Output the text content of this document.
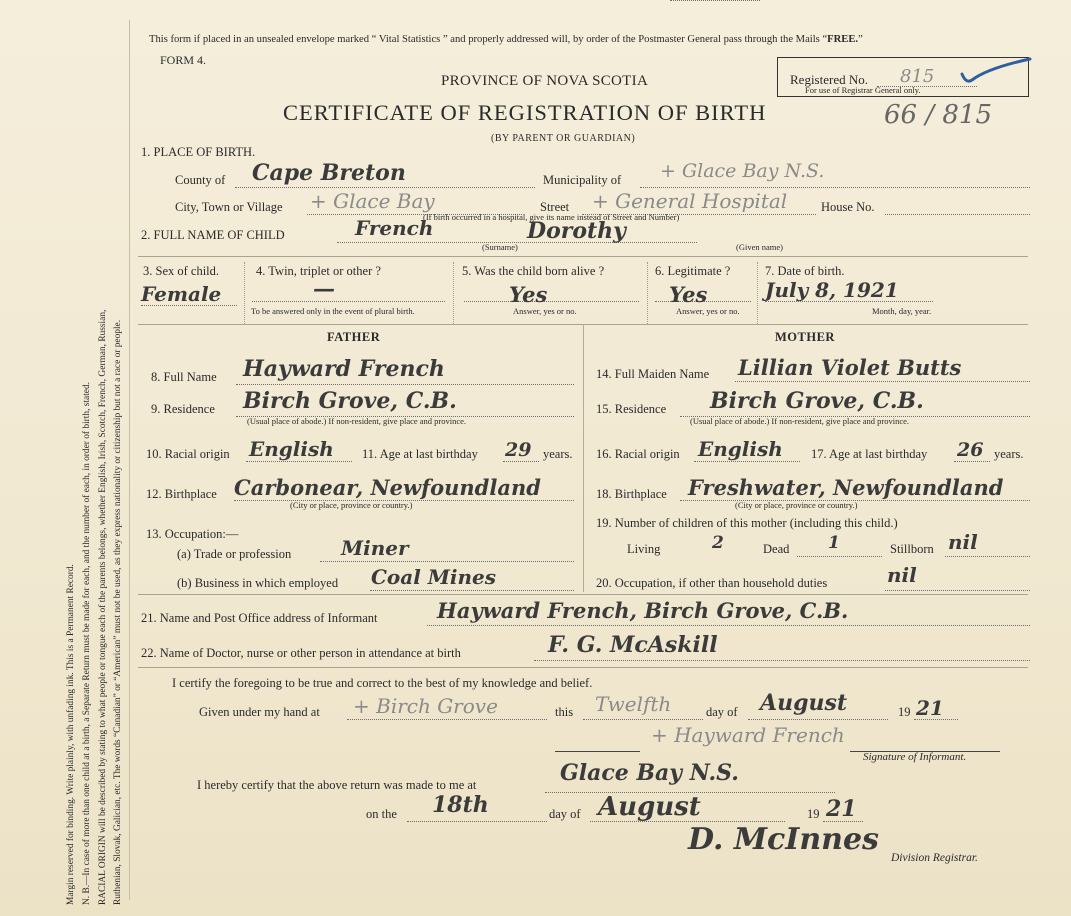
Margin reserved for binding. Write plainly, with unfading ink. This is a Permanent Record. N. B.—In case of more than one child at a birth, a Separate Return must be made for each, and the number of each, in order of birth, stated. RACIAL ORIGIN will be described by stating to what people or tongue each of the parents belongs, whether English, Irish, Scotch, French, German, Russian, Ruthenian, Slovak, Galician, etc. The words “Canadian” or “American” must not be used, as they express nationality or citizenship but not a race or people.
This form if placed in an unsealed envelope marked “ Vital Statistics ” and properly addressed will, by order of the Postmaster General pass through the Mails “FREE.”
FORM 4.
PROVINCE OF NOVA SCOTIA
CERTIFICATE OF REGISTRATION OF BIRTH
(BY PARENT OR GUARDIAN)
66 / 815
Registered No. 815
For use of Registrar General only.
1. PLACE OF BIRTH.
County of Cape Breton	Municipality of + Glace Bay N.S.
City, Town or Village + Glace Bay	Street + General Hospital	House No.
(If birth occurred in a hospital, give its name instead of Street and Number)
2. FULL NAME OF CHILD	French	Dorothy
(Surname)	(Given name)
3. Sex of child.
Female
4. Twin, triplet or other ?
—
To be answered only in the event of plural birth.
5. Was the child born alive ?
Yes
Answer, yes or no.
6. Legitimate ?
Yes
Answer, yes or no.
7. Date of birth.
July 8, 1921
Month, day, year.
FATHER	MOTHER
8. Full Name Hayward French
9. Residence Birch Grove, C.B.
(Usual place of abode.) If non-resident, give place and province.
10. Racial origin English 11. Age at last birthday 29 years.
12. Birthplace Carbonear, Newfoundland
(City or place, province or country.)
13. Occupation:—
(a) Trade or profession Miner
(b) Business in which employed Coal Mines
14. Full Maiden Name Lillian Violet Butts
15. Residence Birch Grove, C.B.
(Usual place of abode.) If non-resident, give place and province.
16. Racial origin English 17. Age at last birthday 26 years.
18. Birthplace Freshwater, Newfoundland
(City or place, province or country.)
19. Number of children of this mother (including this child.)
Living	2	Dead 1	Stillborn nil
20. Occupation, if other than household duties	nil
21. Name and Post Office address of Informant	Hayward French, Birch Grove, C.B.
22. Name of Doctor, nurse or other person in attendance at birth	F. G. McAskill
I certify the foregoing to be true and correct to the best of my knowledge and belief.
Given under my hand at + Birch Grove	this Twelfth	day of August	19 21
+ Hayward French
Signature of Informant.
I hereby certify that the above return was made to me at	Glace Bay N.S.
on the 18th	day of August	19 21
D. McInnes
Division Registrar.
